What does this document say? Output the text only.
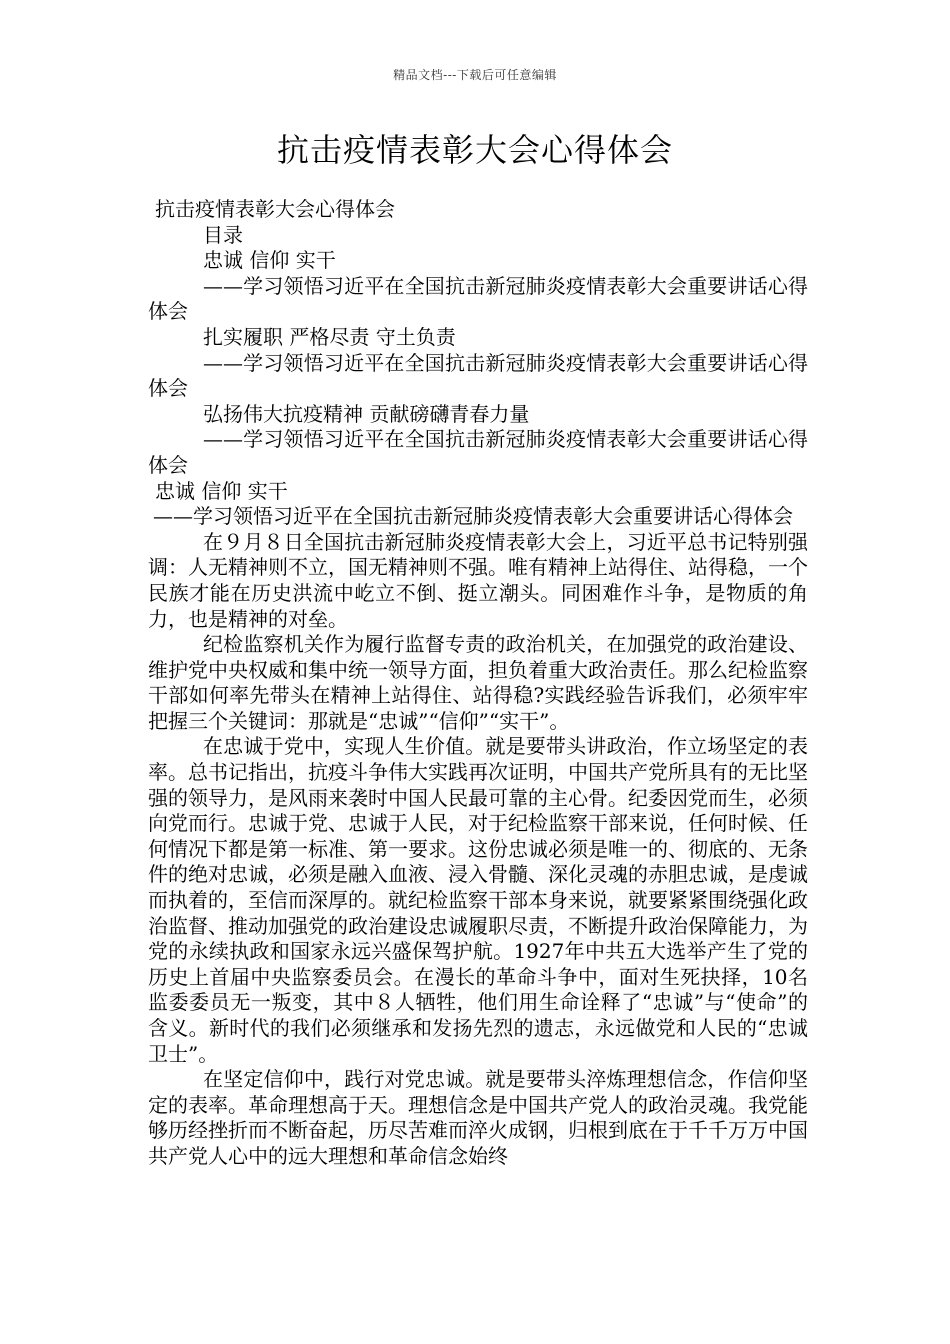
精品文档---下载后可任意编辑
抗击疫情表彰大会心得体会

抗击疫情表彰大会心得体会

目录

忠诚 信仰 实干

——学习领悟习近平在全国抗击新冠肺炎疫情表彰大会重要讲话心得体会

扎实履职 严格尽责 守土负责

——学习领悟习近平在全国抗击新冠肺炎疫情表彰大会重要讲话心得体会

弘扬伟大抗疫精神 贡献磅礴青春力量

——学习领悟习近平在全国抗击新冠肺炎疫情表彰大会重要讲话心得体会

忠诚 信仰 实干

——学习领悟习近平在全国抗击新冠肺炎疫情表彰大会重要讲话心得体会

在９月８日全国抗击新冠肺炎疫情表彰大会上，习近平总书记特别强调：人无精神则不立，国无精神则不强。唯有精神上站得住、站得稳，一个民族才能在历史洪流中屹立不倒、挺立潮头。同困难作斗争，是物质的角力，也是精神的对垒。

纪检监察机关作为履行监督专责的政治机关，在加强党的政治建设、维护党中央权威和集中统一领导方面，担负着重大政治责任。那么纪检监察干部如何率先带头在精神上站得住、站得稳?实践经验告诉我们，必须牢牢把握三个关键词：那就是“忠诚”“信仰”“实干”。

在忠诚于党中，实现人生价值。就是要带头讲政治，作立场坚定的表率。总书记指出，抗疫斗争伟大实践再次证明，中国共产党所具有的无比坚强的领导力，是风雨来袭时中国人民最可靠的主心骨。纪委因党而生，必须向党而行。忠诚于党、忠诚于人民，对于纪检监察干部来说，任何时候、任何情况下都是第一标准、第一要求。这份忠诚必须是唯一的、彻底的、无条件的绝对忠诚，必须是融入血液、浸入骨髓、深化灵魂的赤胆忠诚，是虔诚而执着的，至信而深厚的。就纪检监察干部本身来说，就要紧紧围绕强化政治监督、推动加强党的政治建设忠诚履职尽责，不断提升政治保障能力，为党的永续执政和国家永远兴盛保驾护航。1927年中共五大选举产生了党的历史上首届中央监察委员会。在漫长的革命斗争中，面对生死抉择，10名监委委员无一叛变，其中８人牺牲，他们用生命诠释了“忠诚”与“使命”的含义。新时代的我们必须继承和发扬先烈的遗志，永远做党和人民的“忠诚卫士”。

在坚定信仰中，践行对党忠诚。就是要带头淬炼理想信念，作信仰坚定的表率。革命理想高于天。理想信念是中国共产党人的政治灵魂。我党能够历经挫折而不断奋起，历尽苦难而淬火成钢，归根到底在于千千万万中国共产党人心中的远大理想和革命信念始终
